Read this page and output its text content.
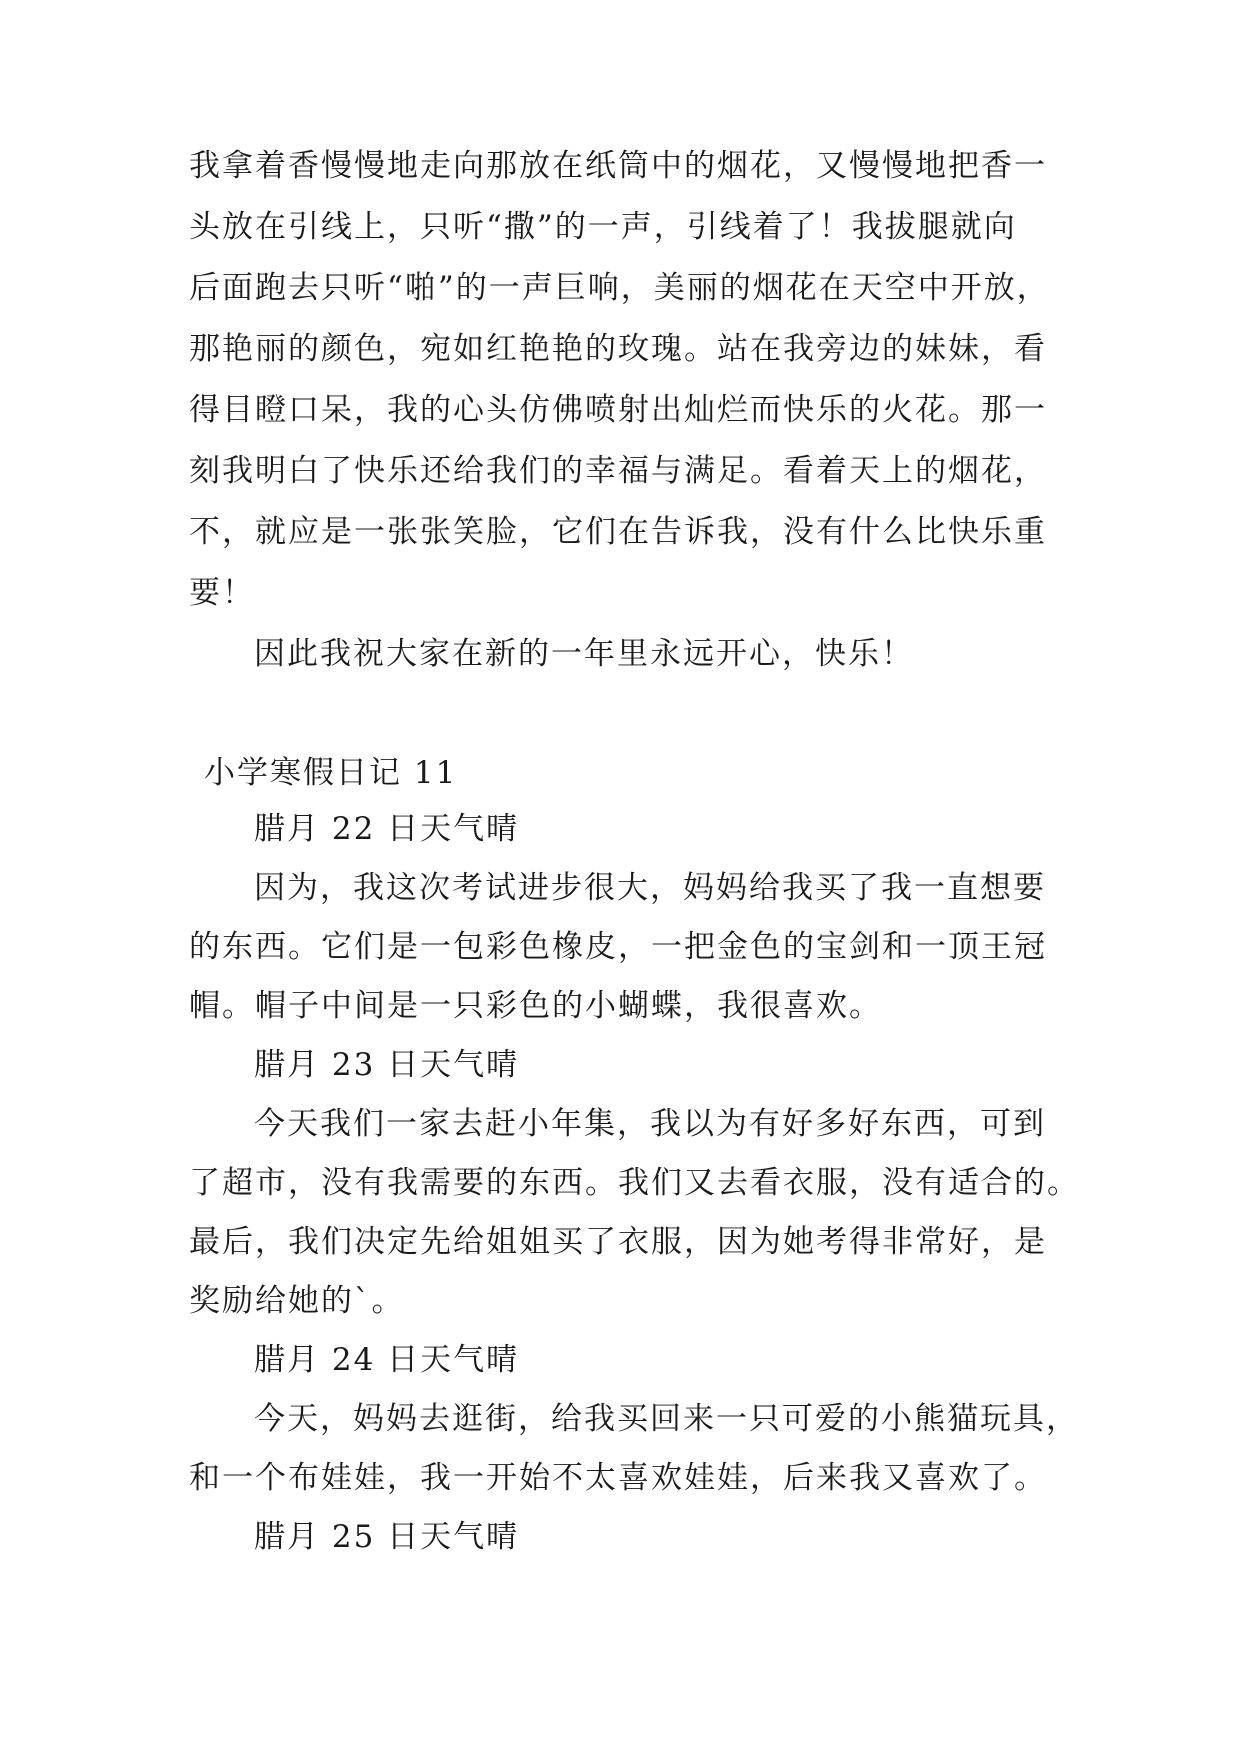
我拿着香慢慢地走向那放在纸筒中的烟花，又慢慢地把香一

头放在引线上，只听“撒”的一声，引线着了！我拔腿就向

后面跑去只听“啪”的一声巨响，美丽的烟花在天空中开放，

那艳丽的颜色，宛如红艳艳的玫瑰。站在我旁边的妹妹，看

得目瞪口呆，我的心头仿佛喷射出灿烂而快乐的火花。那一

刻我明白了快乐还给我们的幸福与满足。看着天上的烟花，

不，就应是一张张笑脸，它们在告诉我，没有什么比快乐重

要！

因此我祝大家在新的一年里永远开心，快乐！

小学寒假日记 11

腊月 22 日天气晴

因为，我这次考试进步很大，妈妈给我买了我一直想要

的东西。它们是一包彩色橡皮，一把金色的宝剑和一顶王冠

帽。帽子中间是一只彩色的小蝴蝶，我很喜欢。

腊月 23 日天气晴

今天我们一家去赶小年集，我以为有好多好东西，可到

了超市，没有我需要的东西。我们又去看衣服，没有适合的。

最后，我们决定先给姐姐买了衣服，因为她考得非常好，是

奖励给她的`。

腊月 24 日天气晴

今天，妈妈去逛街，给我买回来一只可爱的小熊猫玩具，

和一个布娃娃，我一开始不太喜欢娃娃，后来我又喜欢了。

腊月 25 日天气晴
